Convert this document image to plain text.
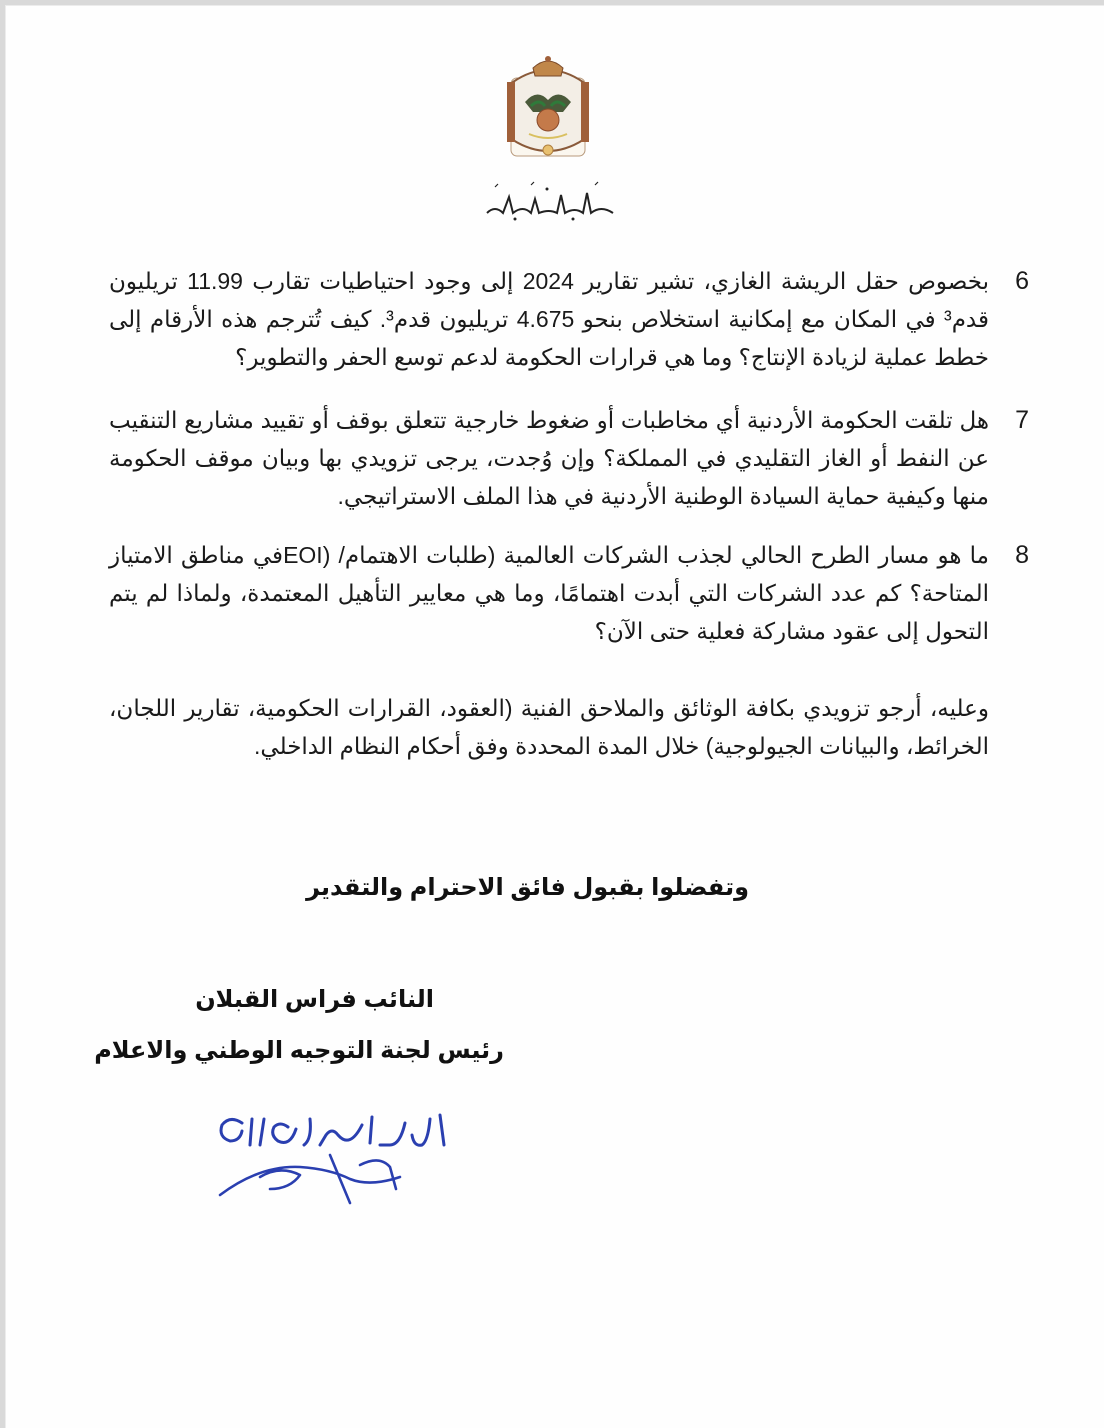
6
بخصوص حقل الريشة الغازي، تشير تقارير 2024 إلى وجود احتياطيات تقارب 11.99 تريليون قدم³ في المكان مع إمكانية استخلاص بنحو 4.675 تريليون قدم³. كيف تُترجم هذه الأرقام إلى خطط عملية لزيادة الإنتاج؟ وما هي قرارات الحكومة لدعم توسع الحفر والتطوير؟
7
هل تلقت الحكومة الأردنية أي مخاطبات أو ضغوط خارجية تتعلق بوقف أو تقييد مشاريع التنقيب عن النفط أو الغاز التقليدي في المملكة؟ وإن وُجدت، يرجى تزويدي بها وبيان موقف الحكومة منها وكيفية حماية السيادة الوطنية الأردنية في هذا الملف الاستراتيجي.
8
ما هو مسار الطرح الحالي لجذب الشركات العالمية (طلبات الاهتمام/ (EOIفي مناطق الامتياز المتاحة؟ كم عدد الشركات التي أبدت اهتمامًا، وما هي معايير التأهيل المعتمدة، ولماذا لم يتم التحول إلى عقود مشاركة فعلية حتى الآن؟
وعليه، أرجو تزويدي بكافة الوثائق والملاحق الفنية (العقود، القرارات الحكومية، تقارير اللجان، الخرائط، والبيانات الجيولوجية) خلال المدة المحددة وفق أحكام النظام الداخلي.
وتفضلوا بقبول فائق الاحترام والتقدير
النائب فراس القبلان
رئيس لجنة التوجيه الوطني والاعلام
